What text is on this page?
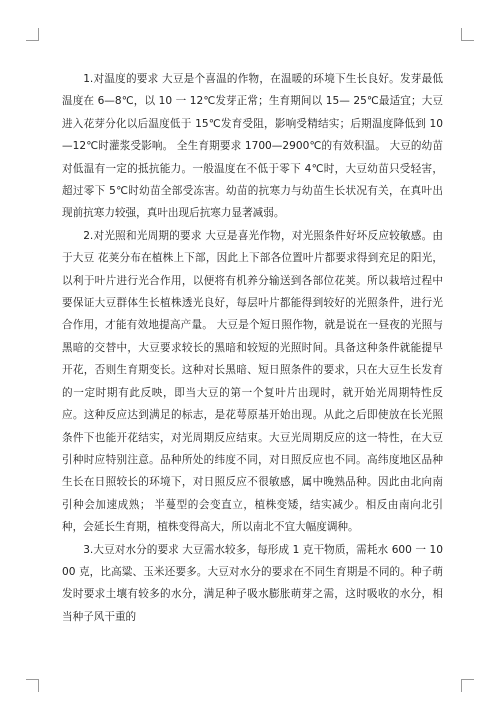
1.对温度的要求 大豆是个喜温的作物，在温暖的环境下生长良好。发芽最低温度在 6—8℃，以 10 一 12℃发芽正常；生育期间以 15— 25℃最适宜；大豆进入花芽分化以后温度低于 15℃发育受阻，影响受精结实；后期温度降低到 10—12℃时灌浆受影响。 全生育期要求 1700—2900℃的有效积温。 大豆的幼苗对低温有一定的抵抗能力。一般温度在不低于零下 4℃时，大豆幼苗只受轻害，超过零下 5℃时幼苗全部受冻害。幼苗的抗寒力与幼苗生长状况有关，在真叶出现前抗寒力较强，真叶出现后抗寒力显著减弱。

2.对光照和光周期的要求 大豆是喜光作物，对光照条件好坏反应较敏感。由于大豆 花荚分布在植株上下部，因此上下部各位置叶片都要求得到充足的阳光，以利于叶片进行光合作用，以便将有机养分输送到各部位花荚。所以栽培过程中要保证大豆群体生长植株透光良好，每层叶片都能得到较好的光照条件，进行光合作用，才能有效地提高产量。 大豆是个短日照作物，就是说在一昼夜的光照与黑暗的交替中，大豆要求较长的黑暗和较短的光照时间。具备这种条件就能提早开花，否则生育期变长。这种对长黑暗、短日照条件的要求，只在大豆生长发育的一定时期有此反映，即当大豆的第一个复叶片出现时，就开始光周期特性反应。这种反应达到满足的标志，是花萼原基开始出现。从此之后即使放在长光照条件下也能开花结实，对光周期反应结束。大豆光周期反应的这一特性，在大豆引种时应特别注意。品种所处的纬度不同，对日照反应也不同。高纬度地区品种生长在日照较长的环境下，对日照反应不很敏感，属中晚熟品种。因此由北向南引种会加速成熟； 半蔓型的会变直立，植株变矮，结实减少。相反由南向北引种，会延长生育期，植株变得高大，所以南北不宜大幅度调种。

3.大豆对水分的要求 大豆需水较多，每形成 1 克干物质，需耗水 600 一 1000 克，比高粱、玉米还要多。大豆对水分的要求在不同生育期是不同的。种子萌发时要求土壤有较多的水分，满足种子吸水膨胀萌芽之需，这时吸收的水分，相当种子风干重的
